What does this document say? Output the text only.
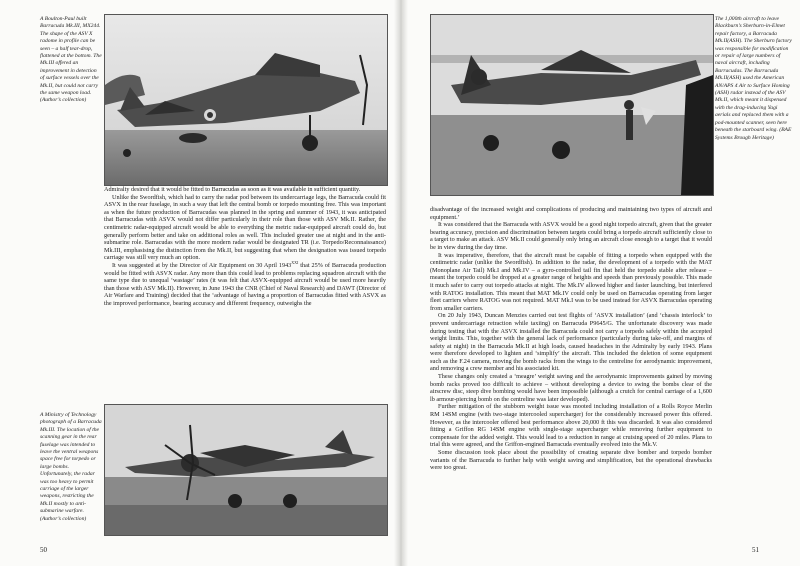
A Boulton-Paul built Barracuda Mk.III, MX244. The shape of the ASV X radome in profile can be seen – a half tear-drop, flattened at the bottom. The Mk.III offered an improvement in detection of surface vessels over the Mk.II, but could not carry the same weapon load. (Author’s collection)

Admiralty desired that it would be fitted to Barracudas as soon as it was available in sufficient quantity.

Unlike the Swordfish, which had to carry the radar pod between its undercarriage legs, the Barracuda could fit ASVX in the rear fuselage, in such a way that left the central bomb or torpedo mounting free. This was important as when the future production of Barracudas was planned in the spring and summer of 1943, it was anticipated that Barracudas with ASVX would not differ particularly in their role than those with ASV Mk.II. Rather, the centimetric radar-equipped aircraft would be able to everything the metric radar-equipped aircraft could do, but generally perform better and take on additional roles as well. This included greater use at night and in the anti-submarine role. Barracudas with the more modern radar would be designated TR (i.e. Torpedo/Reconnaissance) Mk.III, emphasising the distinction from the Mk.II, but suggesting that when the designation was issued torpedo carriage was still very much an option.

It was suggested at by the Director of Air Equipment on 30 April $1943^{XXI}$ that 25% of Barracuda production would be fitted with ASVX radar. Any more than this could lead to problems replacing squadron aircraft with the same type due to unequal ‘wastage’ rates (it was felt that ASVX-equipped aircraft would be used more heavily than those with ASV Mk.II). However, in June 1943 the CNR (Chief of Naval Research) and DAWT (Director of Air Warfare and Training) decided that the ‘advantage of having a proportion of Barracudas fitted with ASVX as the improved performance, bearing accuracy and different frequency, outweighs the

A Ministry of Technology photograph of a Barracuda Mk.III. The location of the scanning gear in the rear fuselage was intended to leave the ventral weapons space free for torpedo or large bombs. Unfortunately, the radar was too heavy to permit carriage of the larger weapons, restricting the Mk.II mostly to anti-submarine warfare. (Author’s collection)

50

The 1,000th aircraft to leave Blackburn’s Sherburn-in-Elmet repair factory, a Barracuda Mk.II(ASH). The Sherburn factory was responsible for modification or repair of large numbers of naval aircraft, including Barracudas. The Barracuda Mk.II(ASH) used the American AN/APS 4 Air to Surface Homing (ASH) radar instead of the ASV Mk.II, which meant it dispensed with the drag-inducing Yagi aerials and replaced them with a pod-mounted scanner, seen here beneath the starboard wing. (BAE Systems Brough Heritage)

disadvantage of the increased weight and complications of producing and maintaining two types of aircraft and equipment.’

It was considered that the Barracuda with ASVX would be a good night torpedo aircraft, given that the greater bearing accuracy, precision and discrimination between targets could bring a torpedo aircraft sufficiently close to a target to make an attack. ASV Mk.II could generally only bring an aircraft close enough to a target that it would be in view during the day time.

It was imperative, therefore, that the aircraft must be capable of fitting a torpedo when equipped with the centimetric radar (unlike the Swordfish). In addition to the radar, the development of a torpedo with the MAT (Monoplane Air Tail) Mk.I and Mk.IV – a gyro-controlled tail fin that held the torpedo stable after release – meant the torpedo could be dropped at a greater range of heights and speeds than previously possible. This made it much safer to carry out torpedo attacks at night. The Mk.IV allowed higher and faster launching, but interfered with RATOG installation. This meant that MAT Mk.IV could only be used on Barracudas operating from larger fleet carriers where RATOG was not required. MAT Mk.I was to be used instead for ASVX Barracudas operating from smaller carriers.

On 20 July 1943, Duncan Menzies carried out test flights of ‘ASVX installation’ (and ‘chassis interlock’ to prevent undercarriage retraction while taxiing) on Barracuda P9645/G. The unfortunate discovery was made during testing that with the ASVX installed the Barracuda could not carry a torpedo safely within the accepted weight limits. This, together with the general lack of performance (particularly during take-off, and margins of safety at night) in the Barracuda Mk.II at high loads, caused headaches in the Admiralty by early 1943. Plans were therefore developed to lighten and ‘simplify’ the aircraft. This included the deletion of some equipment such as the F.24 camera, moving the bomb racks from the wings to the centreline for aerodynamic improvement, and removing a crew member and his associated kit.

These changes only created a ‘meagre’ weight saving and the aerodynamic improvements gained by moving bomb racks proved too difficult to achieve – without developing a device to swing the bombs clear of the airscrew disc, steep dive bombing would have been impossible (although a crutch for central carriage of a 1,600 lb armour-piercing bomb on the centreline was later developed).

Further mitigation of the stubborn weight issue was mooted including installation of a Rolls Royce Merlin RM 14SM engine (with two-stage intercooled supercharger) for the considerably increased power this offered. However, as the intercooler offered best performance above 20,000 ft this was discarded. It was also considered fitting a Griffon RG 14SM engine with single-stage supercharger while removing further equipment to compensate for the added weight. This would lead to a reduction in range at cruising speed of 20 miles. Plans to trial this were agreed, and the Griffon-engined Barracuda eventually evolved into the Mk.V.

Some discussion took place about the possibility of creating separate dive bomber and torpedo bomber variants of the Barracuda to further help with weight saving and simplification, but the operational drawbacks were too great.

51
